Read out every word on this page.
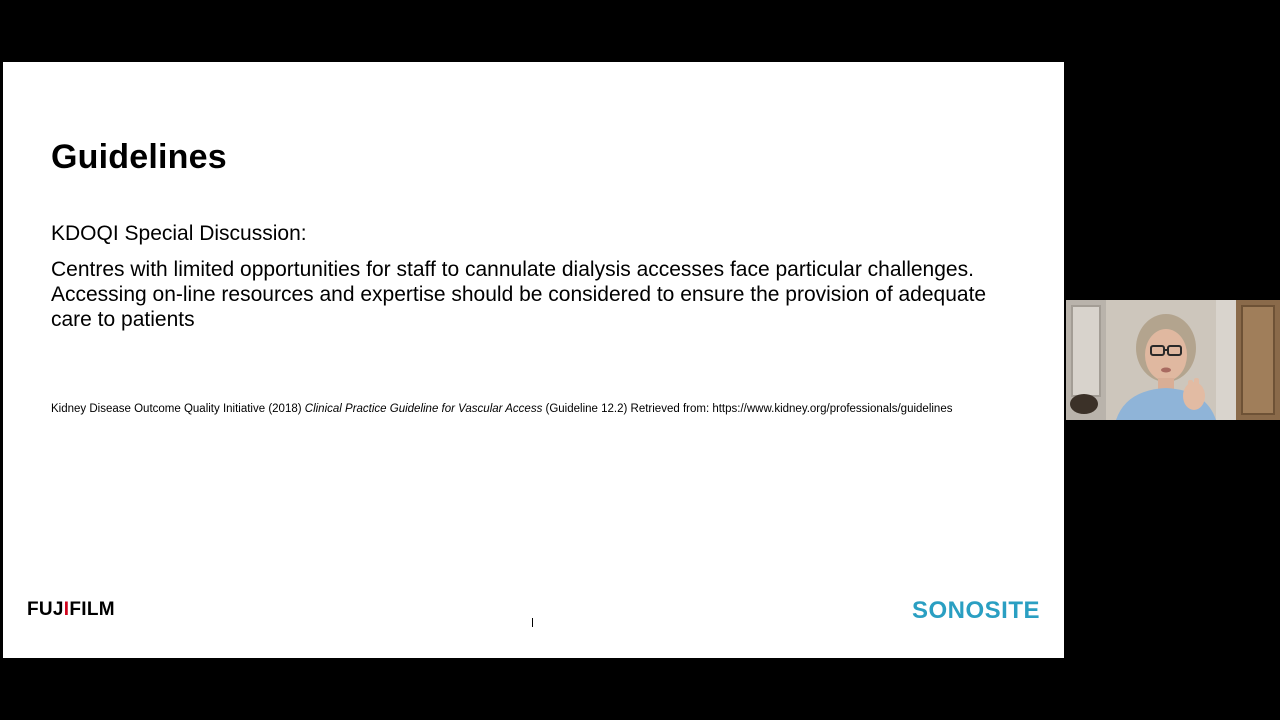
Guidelines
KDOQI Special Discussion:
Centres with limited opportunities for staff to cannulate dialysis accesses face particular challenges. Accessing on-line resources and expertise should be considered to ensure the provision of adequate care to patients
Kidney Disease Outcome Quality Initiative (2018) Clinical Practice Guideline for Vascular Access (Guideline 12.2) Retrieved from: https://www.kidney.org/professionals/guidelines
FUJIFILM	SONOSITE
